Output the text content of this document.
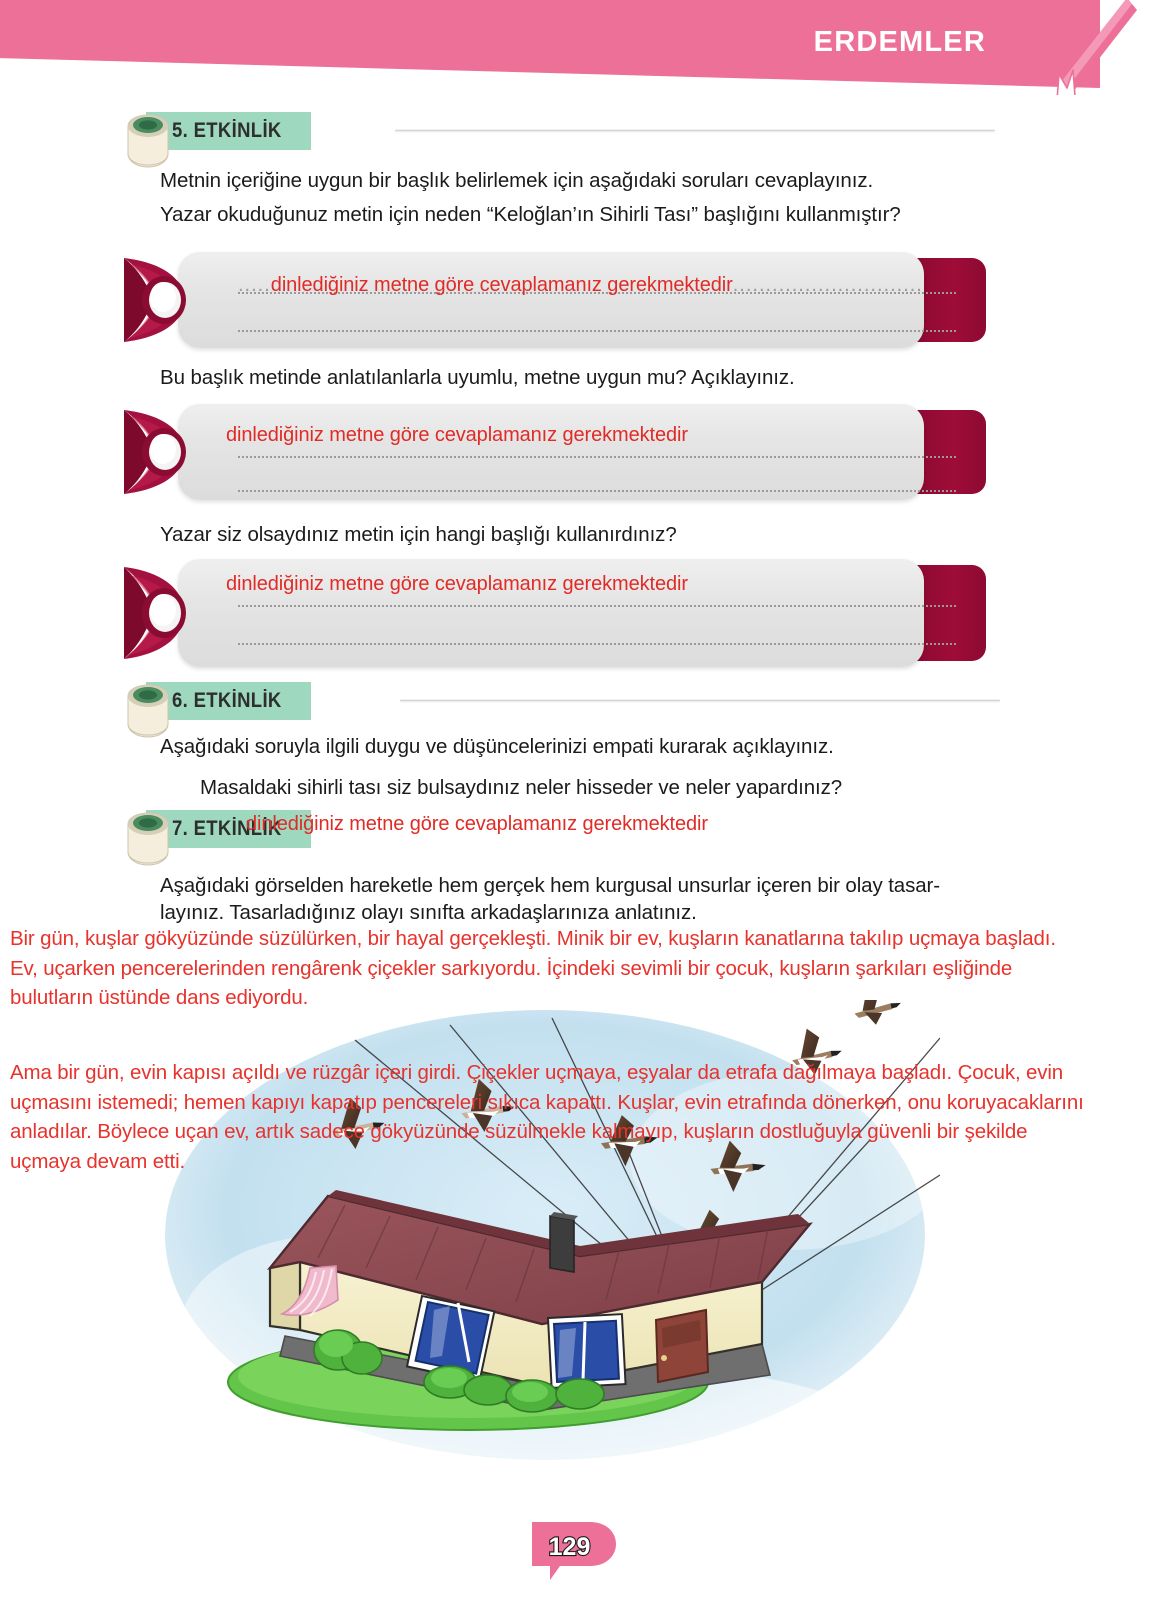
ERDEMLER
5. ETKİNLİK
Metnin içeriğine uygun bir başlık belirlemek için aşağıdaki soruları cevaplayınız.
Yazar okuduğunuz metin için neden “Keloğlan’ın Sihirli Tası” başlığını kullanmıştır?
.....dinlediğiniz metne göre cevaplamanız gerekmektedir.............................
Bu başlık metinde anlatılanlarla uyumlu, metne uygun mu? Açıklayınız.
dinlediğiniz metne göre cevaplamanız gerekmektedir
Yazar siz olsaydınız metin için hangi başlığı kullanırdınız?
dinlediğiniz metne göre cevaplamanız gerekmektedir
6. ETKİNLİK
Aşağıdaki soruyla ilgili duygu ve düşüncelerinizi empati kurarak açıklayınız.
Masaldaki sihirli tası siz bulsaydınız neler hisseder ve neler yapardınız?
dinlediğiniz metne göre cevaplamanız gerekmektedir
7. ETKİNLİK
Aşağıdaki görselden hareketle hem gerçek hem kurgusal unsurlar içeren bir olay tasar-
layınız. Tasarladığınız olayı sınıfta arkadaşlarınıza anlatınız.
Bir gün, kuşlar gökyüzünde süzülürken, bir hayal gerçekleşti. Minik bir ev, kuşların kanatlarına takılıp uçmaya başladı. Ev, uçarken pencerelerinden rengârenk çiçekler sarkıyordu. İçindeki sevimli bir çocuk, kuşların şarkıları eşliğinde bulutların üstünde dans ediyordu.
Ama bir gün, evin kapısı açıldı ve rüzgâr içeri girdi. Çiçekler uçmaya, eşyalar da etrafa dağılmaya başladı. Çocuk, evin uçmasını istemedi; hemen kapıyı kapatıp pencereleri sıkıca kapattı. Kuşlar, evin etrafında dönerken, onu koruyacaklarını anladılar. Böylece uçan ev, artık sadece gökyüzünde süzülmekle kalmayıp, kuşların dostluğuyla güvenli bir şekilde uçmaya devam etti.
129
